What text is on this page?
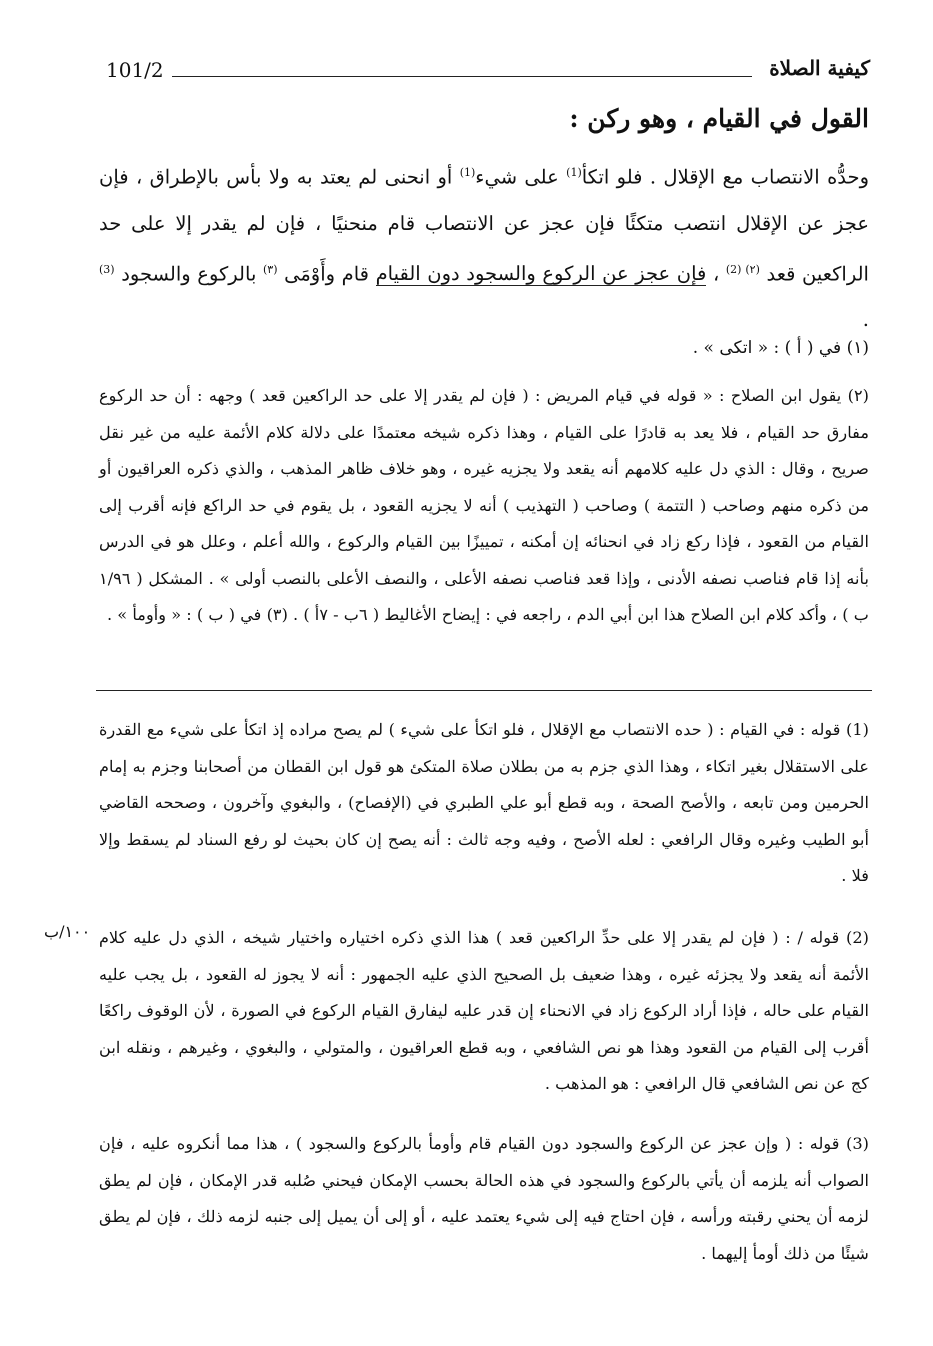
101/2	كيفية الصلاة
القول في القيام ، وهو ركن :

وحدُّه الانتصاب مع الإقلال . فلو اتكأ$^{(1)}$ على شيء$^{(1)}$ أو انحنى لم يعتد به ولا بأس بالإطراق ، فإن عجز عن الإقلال انتصب متكئًا فإن عجز عن الانتصاب قام منحنيًا ، فإن لم يقدر إلا على حد الراكعين قعد $^{(٢) (2)}$ ، فإن عجز عن الركوع والسجود دون القيام قام وأَوْمَى $^{(٣)}$ بالركوع والسجود $^{(3)}$ .

(١) في ( أ ) : « اتكى » .
(٢) يقول ابن الصلاح : « قوله في قيام المريض : ( فإن لم يقدر إلا على حد الراكعين قعد ) وجهه : أن حد الركوع مفارق حد القيام ، فلا يعد به قادرًا على القيام ، وهذا ذكره شيخه معتمدًا على دلالة كلام الأئمة عليه من غير نقل صريح ، وقال : الذي دل عليه كلامهم أنه يقعد ولا يجزيه غيره ، وهو خلاف ظاهر المذهب ، والذي ذكره العراقيون أو من ذكره منهم وصاحب ( التتمة ) وصاحب ( التهذيب ) أنه لا يجزيه القعود ، بل يقوم في حد الراكع فإنه أقرب إلى القيام من القعود ، فإذا ركع زاد في انحنائه إن أمكنه ، تمييزًا بين القيام والركوع ، والله أعلم ، وعلل هو في الدرس بأنه إذا قام فناصب نصفه الأدنى ، وإذا قعد فناصب نصفه الأعلى ، والنصف الأعلى بالنصب أولى » . المشكل ( ١/٩٦ ب ) ، وأكد كلام ابن الصلاح هذا ابن أبي الدم ، راجعه في : إيضاح الأغاليط ( ٦ب - ٧أ ) . (٣) في ( ب ) : « وأومأ » .

(1) قوله : في القيام : ( حده الانتصاب مع الإقلال ، فلو اتكأ على شيء ) لم يصح مراده إذ اتكأ على شيء مع القدرة على الاستقلال بغير اتكاء ، وهذا الذي جزم به من بطلان صلاة المتكئ هو قول ابن القطان من أصحابنا وجزم به إمام الحرمين ومن تابعه ، والأصح الصحة ، وبه قطع أبو علي الطبري في (الإفصاح) ، والبغوي وآخرون ، وصححه القاضي أبو الطيب وغيره وقال الرافعي : لعله الأصح ، وفيه وجه ثالث : أنه يصح إن كان بحيث لو رفع السناد لم يسقط وإلا فلا .

١٠٠/ب (2) قوله / : ( فإن لم يقدر إلا على حدِّ الراكعين قعد ) هذا الذي ذكره اختياره واختيار شيخه ، الذي دل عليه كلام الأئمة أنه يقعد ولا يجزئه غيره ، وهذا ضعيف بل الصحيح الذي عليه الجمهور : أنه لا يجوز له القعود ، بل يجب عليه القيام على حاله ، فإذا أراد الركوع زاد في الانحناء إن قدر عليه ليفارق القيام الركوع في الصورة ، لأن الوقوف راكعًا أقرب إلى القيام من القعود وهذا هو نص الشافعي ، وبه قطع العراقيون ، والمتولي ، والبغوي ، وغيرهم ، ونقله ابن كج عن نص الشافعي قال الرافعي : هو المذهب .

(3) قوله : ( وإن عجز عن الركوع والسجود دون القيام قام وأومأ بالركوع والسجود ) ، هذا مما أنكروه عليه ، فإن الصواب أنه يلزمه أن يأتي بالركوع والسجود في هذه الحالة بحسب الإمكان فيحني صُلبه قدر الإمكان ، فإن لم يطق لزمه أن يحني رقبته ورأسه ، فإن احتاج فيه إلى شيء يعتمد عليه ، أو إلى أن يميل إلى جنبه لزمه ذلك ، فإن لم يطق شيئًا من ذلك أومأ إليهما .
